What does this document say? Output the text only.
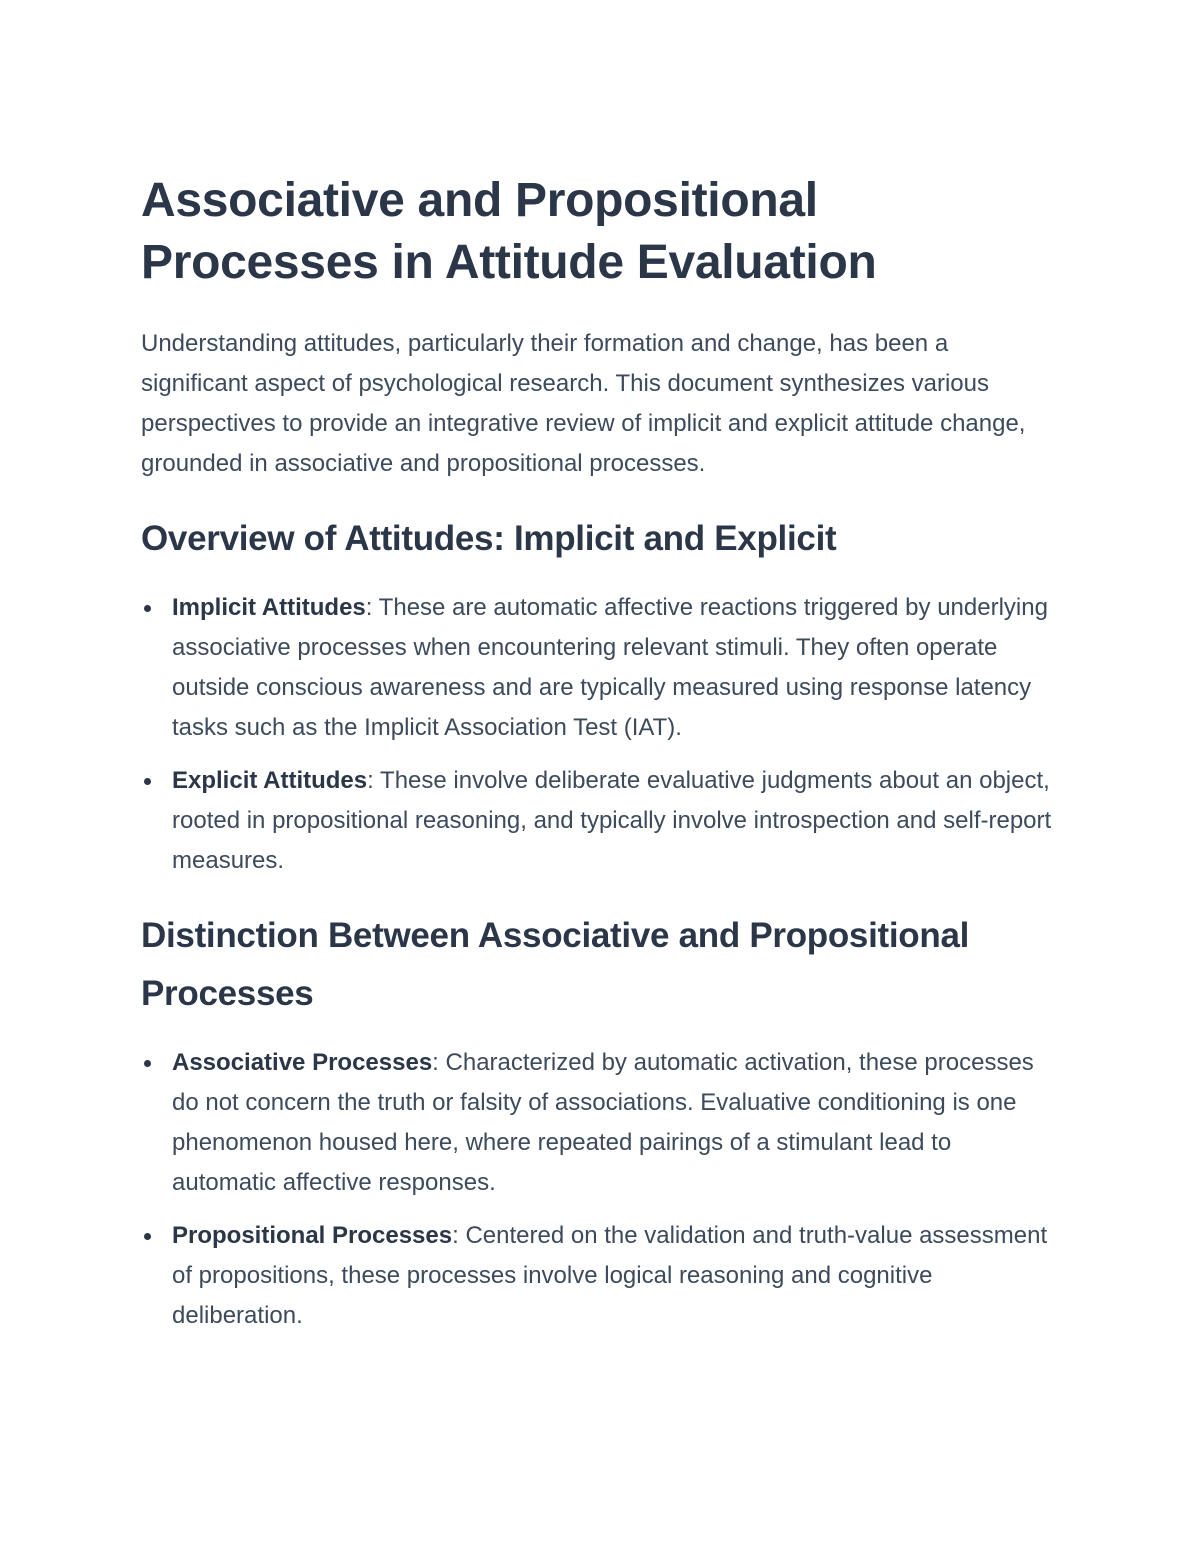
Associative and Propositional Processes in Attitude Evaluation

Understanding attitudes, particularly their formation and change, has been a significant aspect of psychological research. This document synthesizes various perspectives to provide an integrative review of implicit and explicit attitude change, grounded in associative and propositional processes.

Overview of Attitudes: Implicit and Explicit
Implicit Attitudes: These are automatic affective reactions triggered by underlying associative processes when encountering relevant stimuli. They often operate outside conscious awareness and are typically measured using response latency tasks such as the Implicit Association Test (IAT).
Explicit Attitudes: These involve deliberate evaluative judgments about an object, rooted in propositional reasoning, and typically involve introspection and self-report measures.
Distinction Between Associative and Propositional Processes
Associative Processes: Characterized by automatic activation, these processes do not concern the truth or falsity of associations. Evaluative conditioning is one phenomenon housed here, where repeated pairings of a stimulant lead to automatic affective responses.
Propositional Processes: Centered on the validation and truth-value assessment of propositions, these processes involve logical reasoning and cognitive deliberation.
